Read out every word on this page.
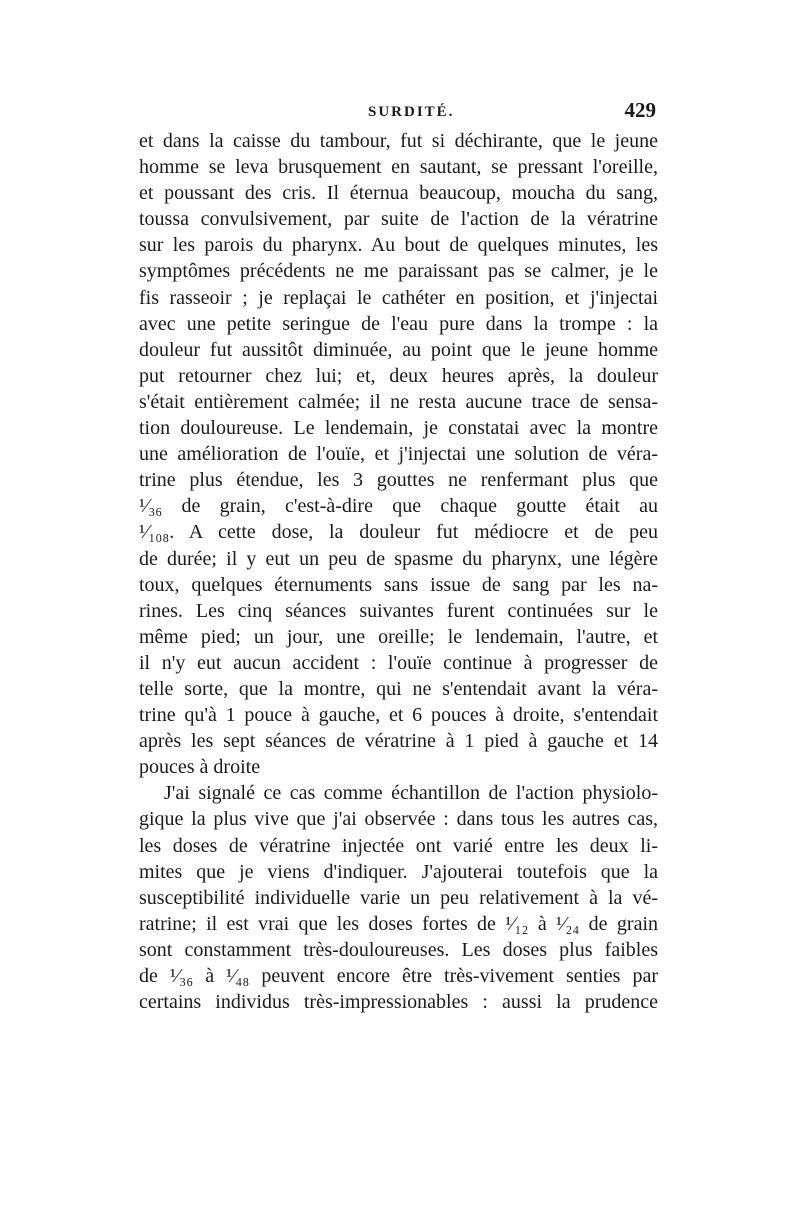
SURDITÉ.	429
et dans la caisse du tambour, fut si déchirante, que le jeune
homme se leva brusquement en sautant, se pressant l'oreille,
et poussant des cris. Il éternua beaucoup, moucha du sang,
toussa convulsivement, par suite de l'action de la vératrine
sur les parois du pharynx. Au bout de quelques minutes, les
symptômes précédents ne me paraissant pas se calmer, je le
fis rasseoir ; je replaçai le cathéter en position, et j'injectai
avec une petite seringue de l'eau pure dans la trompe : la
douleur fut aussitôt diminuée, au point que le jeune homme
put retourner chez lui; et, deux heures après, la douleur
s'était entièrement calmée; il ne resta aucune trace de sensa-
tion douloureuse. Le lendemain, je constatai avec la montre
une amélioration de l'ouïe, et j'injectai une solution de véra-
trine plus étendue, les 3 gouttes ne renfermant plus que
¹⁄₃₆ de grain, c'est-à-dire que chaque goutte était au
¹⁄₁₀₈. A cette dose, la douleur fut médiocre et de peu
de durée; il y eut un peu de spasme du pharynx, une légère
toux, quelques éternuments sans issue de sang par les na-
rines. Les cinq séances suivantes furent continuées sur le
même pied; un jour, une oreille; le lendemain, l'autre, et
il n'y eut aucun accident : l'ouïe continue à progresser de
telle sorte, que la montre, qui ne s'entendait avant la véra-
trine qu'à 1 pouce à gauche, et 6 pouces à droite, s'entendait
après les sept séances de vératrine à 1 pied à gauche et 14
pouces à droite
J'ai signalé ce cas comme échantillon de l'action physiolo-
gique la plus vive que j'ai observée : dans tous les autres cas,
les doses de vératrine injectée ont varié entre les deux li-
mites que je viens d'indiquer. J'ajouterai toutefois que la
susceptibilité individuelle varie un peu relativement à la vé-
ratrine; il est vrai que les doses fortes de ¹⁄₁₂ à ¹⁄₂₄ de grain
sont constamment très-douloureuses. Les doses plus faibles
de ¹⁄₃₆ à ¹⁄₄₈ peuvent encore être très-vivement senties par
certains individus très-impressionables : aussi la prudence
